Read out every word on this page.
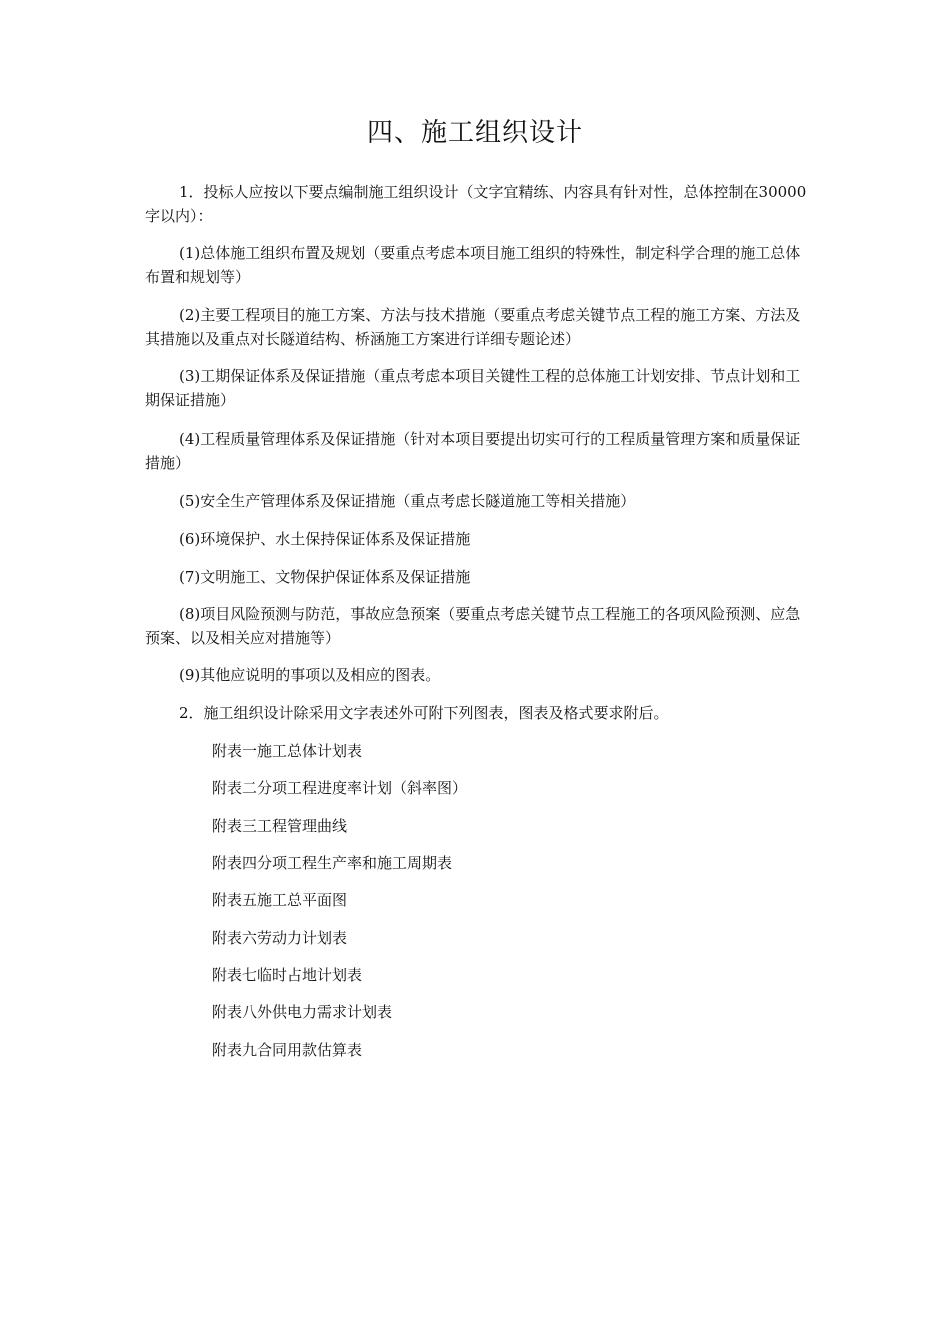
四、施工组织设计
1．投标人应按以下要点编制施工组织设计（文字宜精练、内容具有针对性，总体控制在30000字以内）：
(1)总体施工组织布置及规划（要重点考虑本项目施工组织的特殊性，制定科学合理的施工总体布置和规划等）
(2)主要工程项目的施工方案、方法与技术措施（要重点考虑关键节点工程的施工方案、方法及其措施以及重点对长隧道结构、桥涵施工方案进行详细专题论述）
(3)工期保证体系及保证措施（重点考虑本项目关键性工程的总体施工计划安排、节点计划和工期保证措施）
(4)工程质量管理体系及保证措施（针对本项目要提出切实可行的工程质量管理方案和质量保证措施）
(5)安全生产管理体系及保证措施（重点考虑长隧道施工等相关措施）
(6)环境保护、水土保持保证体系及保证措施
(7)文明施工、文物保护保证体系及保证措施
(8)项目风险预测与防范，事故应急预案（要重点考虑关键节点工程施工的各项风险预测、应急预案、以及相关应对措施等）
(9)其他应说明的事项以及相应的图表。
2．施工组织设计除采用文字表述外可附下列图表，图表及格式要求附后。
附表一施工总体计划表
附表二分项工程进度率计划（斜率图）
附表三工程管理曲线
附表四分项工程生产率和施工周期表
附表五施工总平面图
附表六劳动力计划表
附表七临时占地计划表
附表八外供电力需求计划表
附表九合同用款估算表
